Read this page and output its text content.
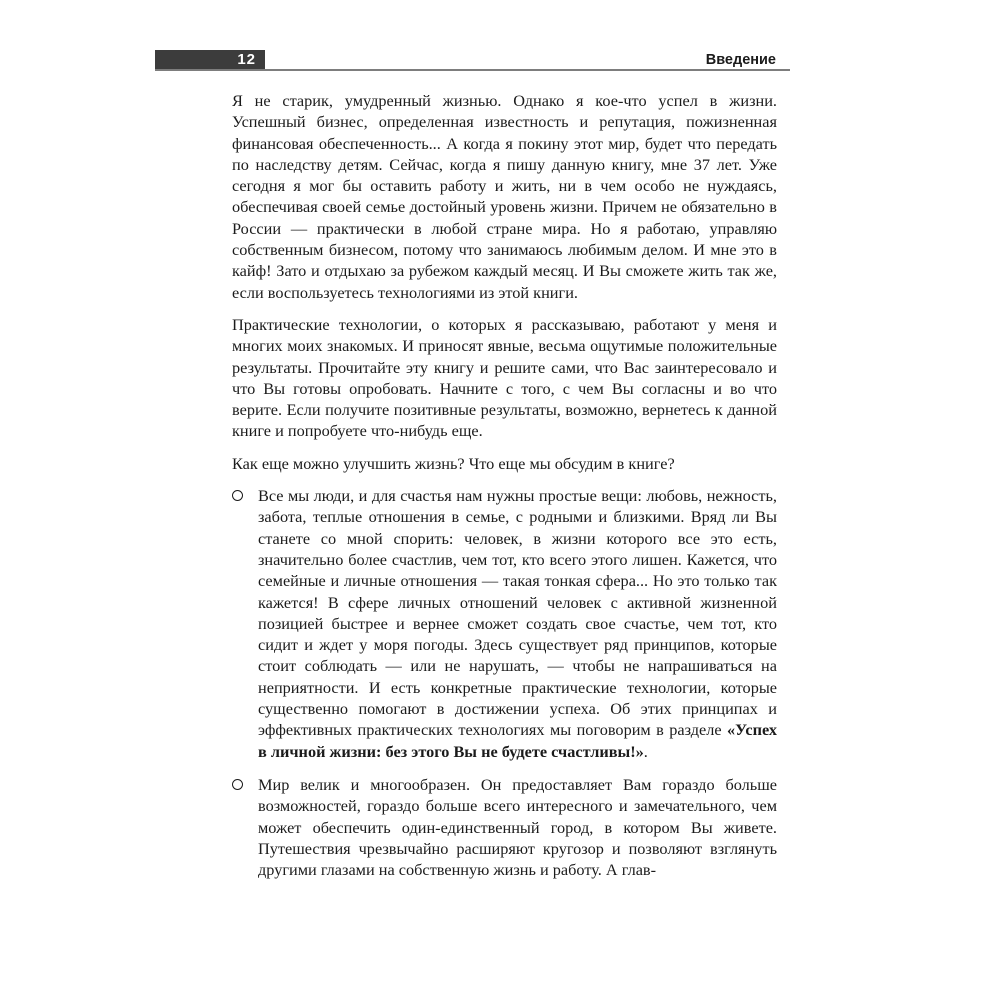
12	Введение

Я не старик, умудренный жизнью. Однако я кое-что успел в жизни. Успешный бизнес, определенная известность и репутация, пожизненная финансовая обеспеченность... А когда я покину этот мир, будет что передать по наследству детям. Сейчас, когда я пишу данную книгу, мне 37 лет. Уже сегодня я мог бы оставить работу и жить, ни в чем особо не нуждаясь, обеспечивая своей семье достойный уровень жизни. Причем не обязательно в России — практически в любой стране мира. Но я работаю, управляю собственным бизнесом, потому что занимаюсь любимым делом. И мне это в кайф! Зато и отдыхаю за рубежом каждый месяц. И Вы сможете жить так же, если воспользуетесь технологиями из этой книги.

Практические технологии, о которых я рассказываю, работают у меня и многих моих знакомых. И приносят явные, весьма ощутимые положительные результаты. Прочитайте эту книгу и решите сами, что Вас заинтересовало и что Вы готовы опробовать. Начните с того, с чем Вы согласны и во что верите. Если получите позитивные результаты, возможно, вернетесь к данной книге и попробуете что-нибудь еще.

Как еще можно улучшить жизнь? Что еще мы обсудим в книге?

Все мы люди, и для счастья нам нужны простые вещи: любовь, нежность, забота, теплые отношения в семье, с родными и близкими. Вряд ли Вы станете со мной спорить: человек, в жизни которого все это есть, значительно более счастлив, чем тот, кто всего этого лишен. Кажется, что семейные и личные отношения — такая тонкая сфера... Но это только так кажется! В сфере личных отношений человек с активной жизненной позицией быстрее и вернее сможет создать свое счастье, чем тот, кто сидит и ждет у моря погоды. Здесь существует ряд принципов, которые стоит соблюдать — или не нарушать, — чтобы не напрашиваться на неприятности. И есть конкретные практические технологии, которые существенно помогают в достижении успеха. Об этих принципах и эффективных практических технологиях мы поговорим в разделе «Успех в личной жизни: без этого Вы не будете счастливы!».

Мир велик и многообразен. Он предоставляет Вам гораздо больше возможностей, гораздо больше всего интересного и замечательного, чем может обеспечить один-единственный город, в котором Вы живете. Путешествия чрезвычайно расширяют кругозор и позволяют взглянуть другими глазами на собственную жизнь и работу. А глав-
